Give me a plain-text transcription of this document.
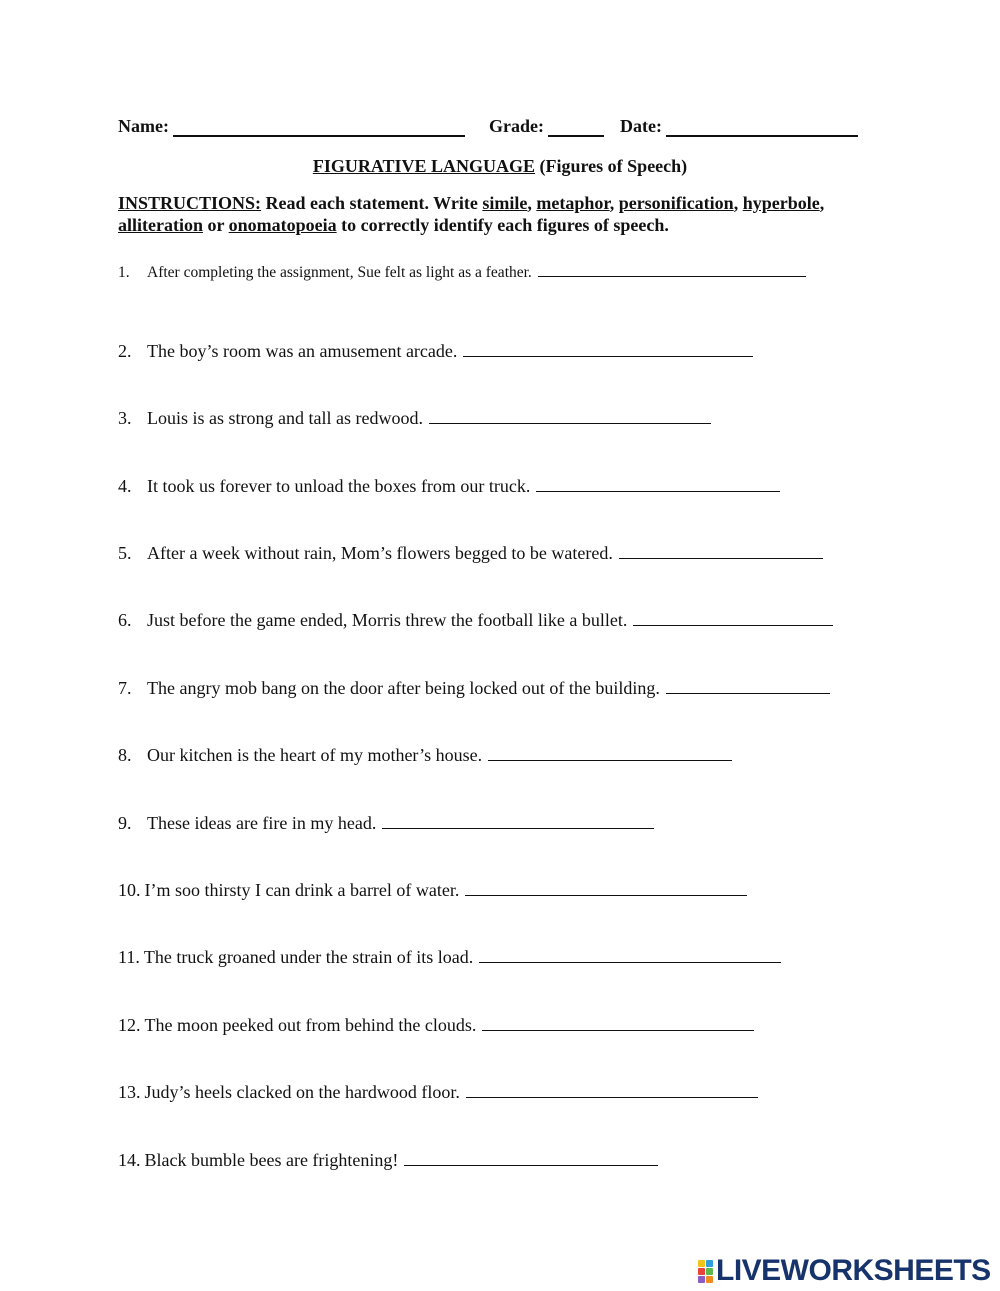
Name:	Grade:	Date:
FIGURATIVE LANGUAGE (Figures of Speech)
INSTRUCTIONS: Read each statement. Write simile, metaphor, personification, hyperbole, alliteration or onomatopoeia to correctly identify each figures of speech.
1.	After completing the assignment, Sue felt as light as a feather.
2. The boy’s room was an amusement arcade.
3. Louis is as strong and tall as redwood.
4. It took us forever to unload the boxes from our truck.
5. After a week without rain, Mom’s flowers begged to be watered.
6. Just before the game ended, Morris threw the football like a bullet.
7. The angry mob bang on the door after being locked out of the building.
8. Our kitchen is the heart of my mother’s house.
9. These ideas are fire in my head.
10. I’m soo thirsty I can drink a barrel of water.
11. The truck groaned under the strain of its load.
12. The moon peeked out from behind the clouds.
13. Judy’s heels clacked on the hardwood floor.
14. Black bumble bees are frightening!
LIVEWORKSHEETS
